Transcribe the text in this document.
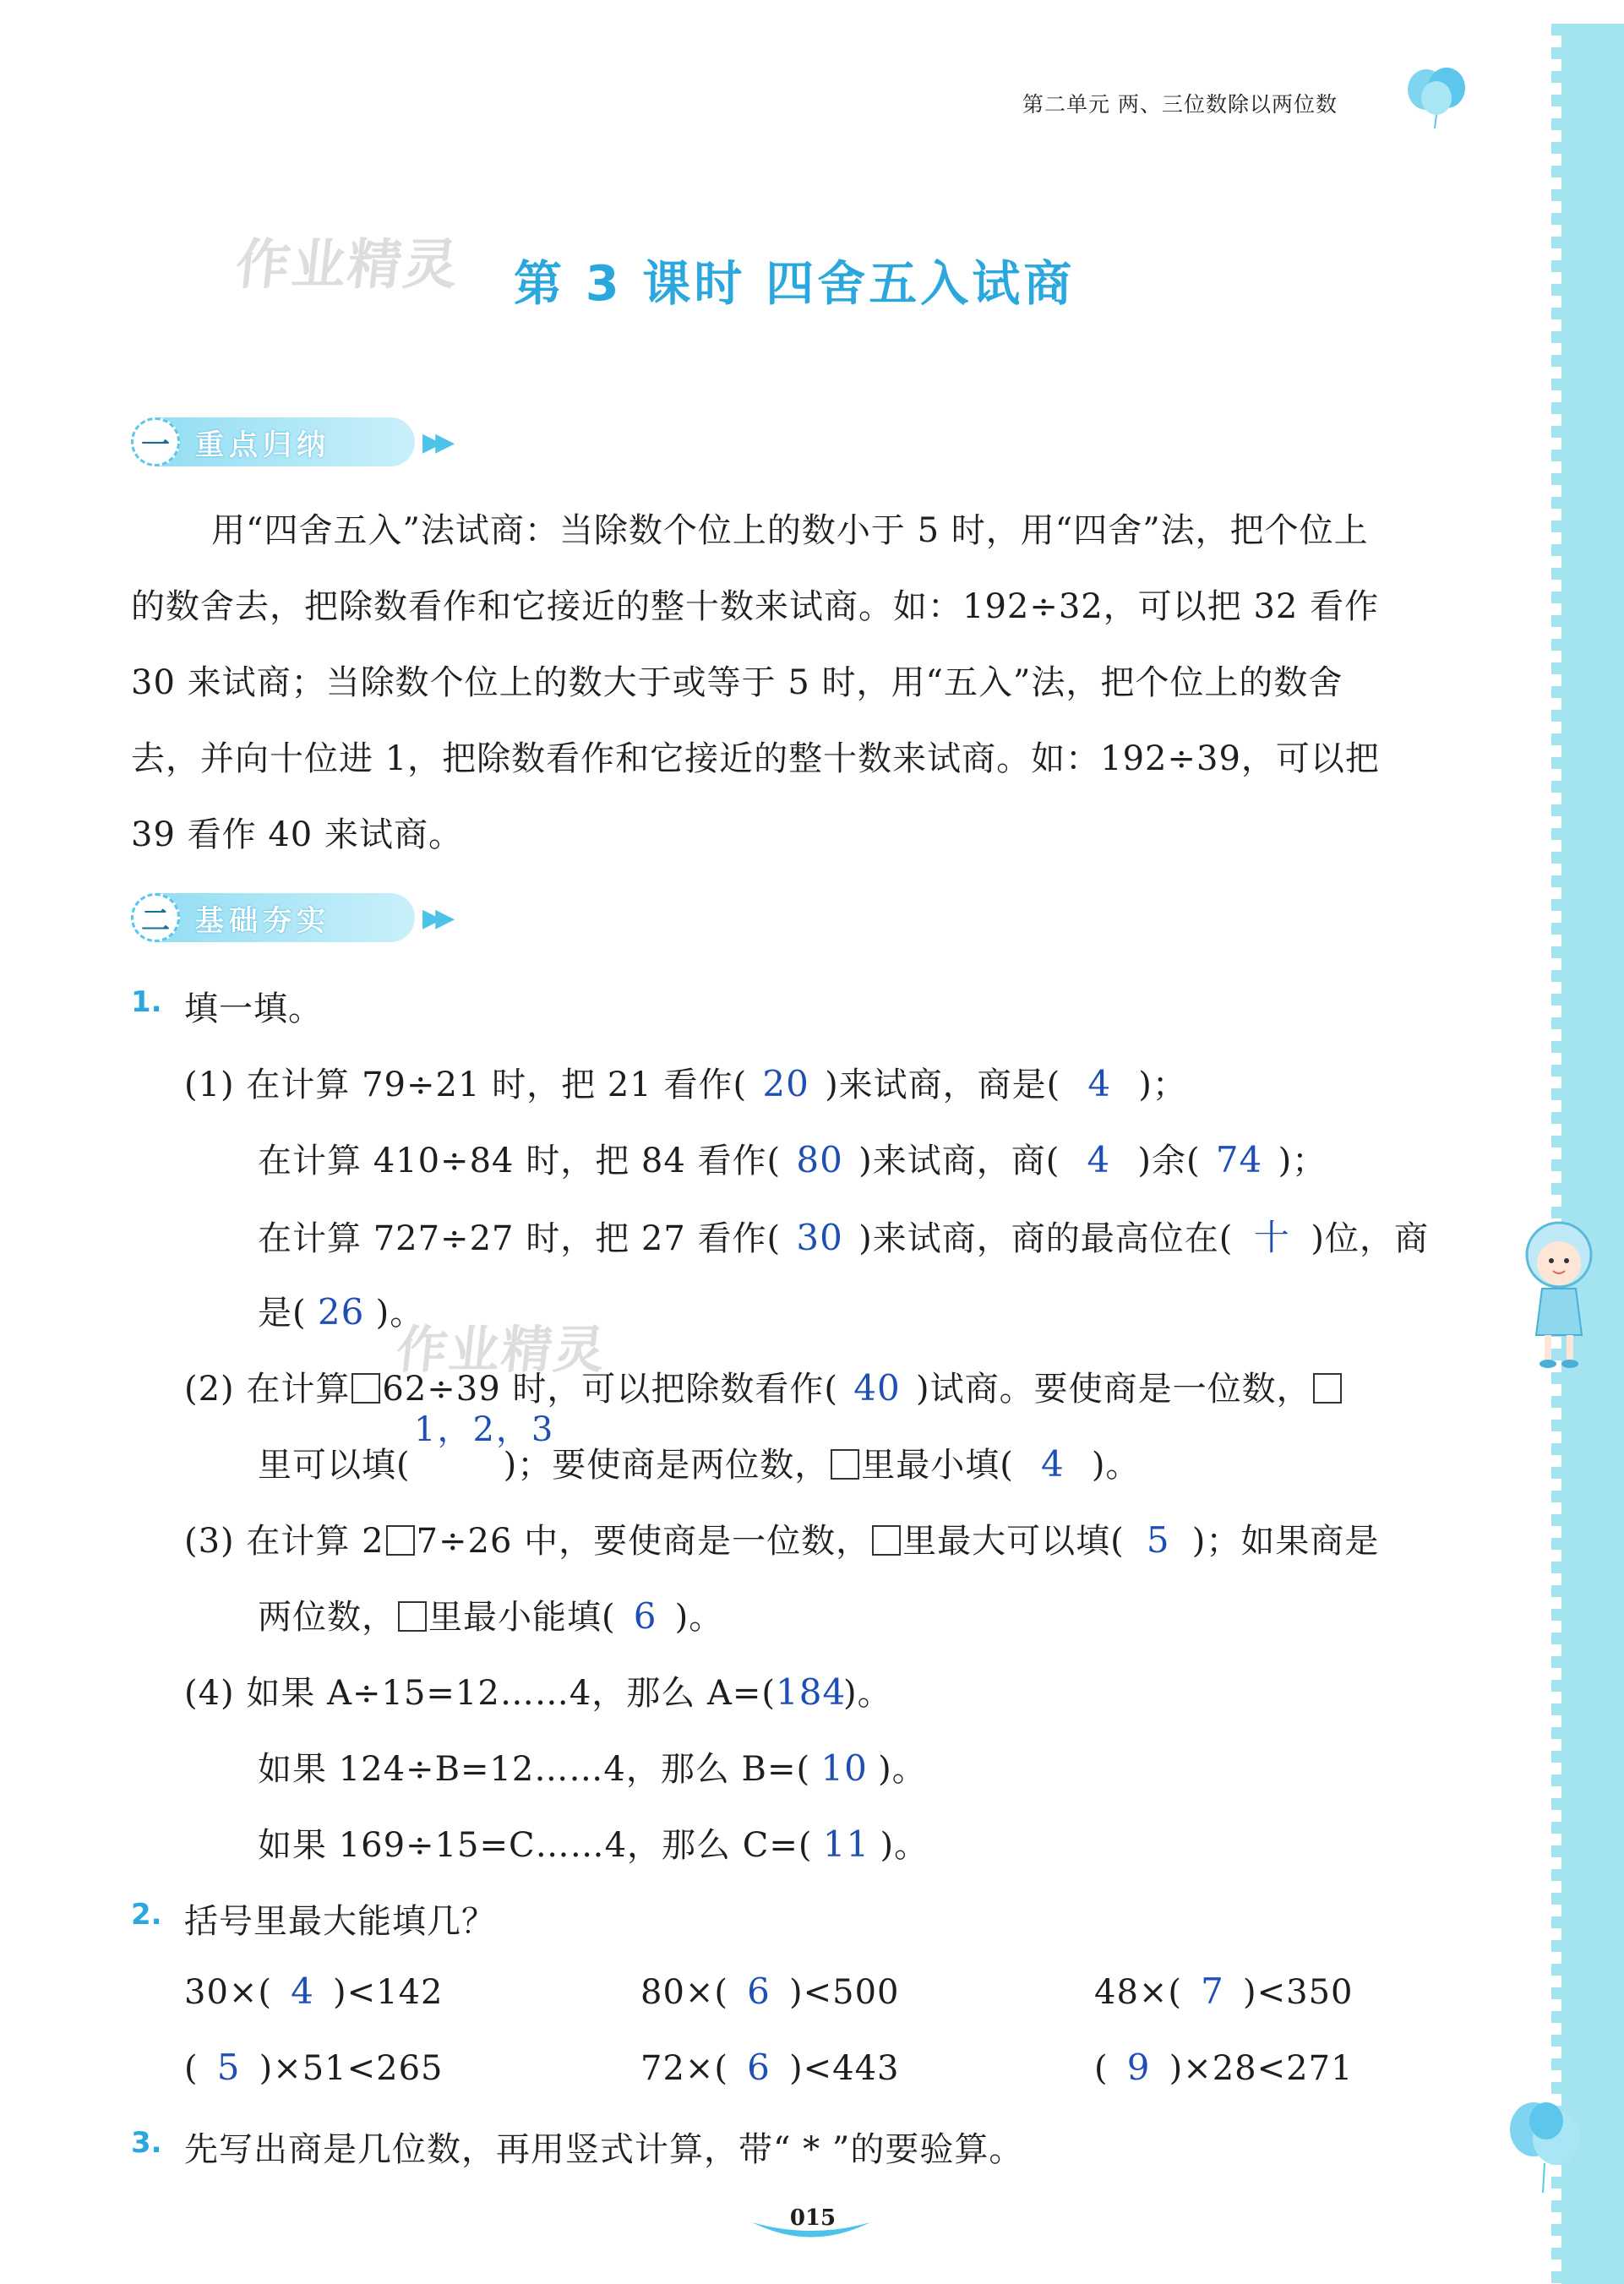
第二单元 两、三位数除以两位数
作业精灵 第 3 课时 四舍五入试商
一 重点归纳	▶▶
用“四舍五入”法试商：当除数个位上的数小于 5 时，用“四舍”法，把个位上
的数舍去，把除数看作和它接近的整十数来试商。如：192÷32，可以把 32 看作
30 来试商；当除数个位上的数大于或等于 5 时，用“五入”法，把个位上的数舍
去，并向十位进 1，把除数看作和它接近的整十数来试商。如：192÷39，可以把
39 看作 40 来试商。
二 基础夯实	▶▶
1. 填一填。
(1) 在计算 79÷21 时，把 21 看作( 20 )来试商，商是( 4 )；
在计算 410÷84 时，把 84 看作( 80 )来试商，商( 4 )余( 74 )；
在计算 727÷27 时，把 27 看作( 30 )来试商，商的最高位在( 十 )位，商
是( 26 )。
作业精灵
(2) 在计算 62÷39 时，可以把除数看作( 40 )试商。要使商是一位数，
1，2，3
里可以填(	)；要使商是两位数， 里最小填( 4 )。
(3) 在计算 2 7÷26 中，要使商是一位数， 里最大可以填( 5 )；如果商是
两位数， 里最小能填( 6 )。
(4) 如果 A÷15=12……4，那么 A=(184)。
如果 124÷B=12……4，那么 B=( 10 )。
如果 169÷15=C……4，那么 C=( 11 )。
2. 括号里最大能填几？
30×( 4 )<142	80×( 6 )<500	48×( 7 )<350
( 5 )×51<265	72×( 6 )<443	( 9 )×28<271
3. 先写出商是几位数，再用竖式计算，带“ * ”的要验算。
015
